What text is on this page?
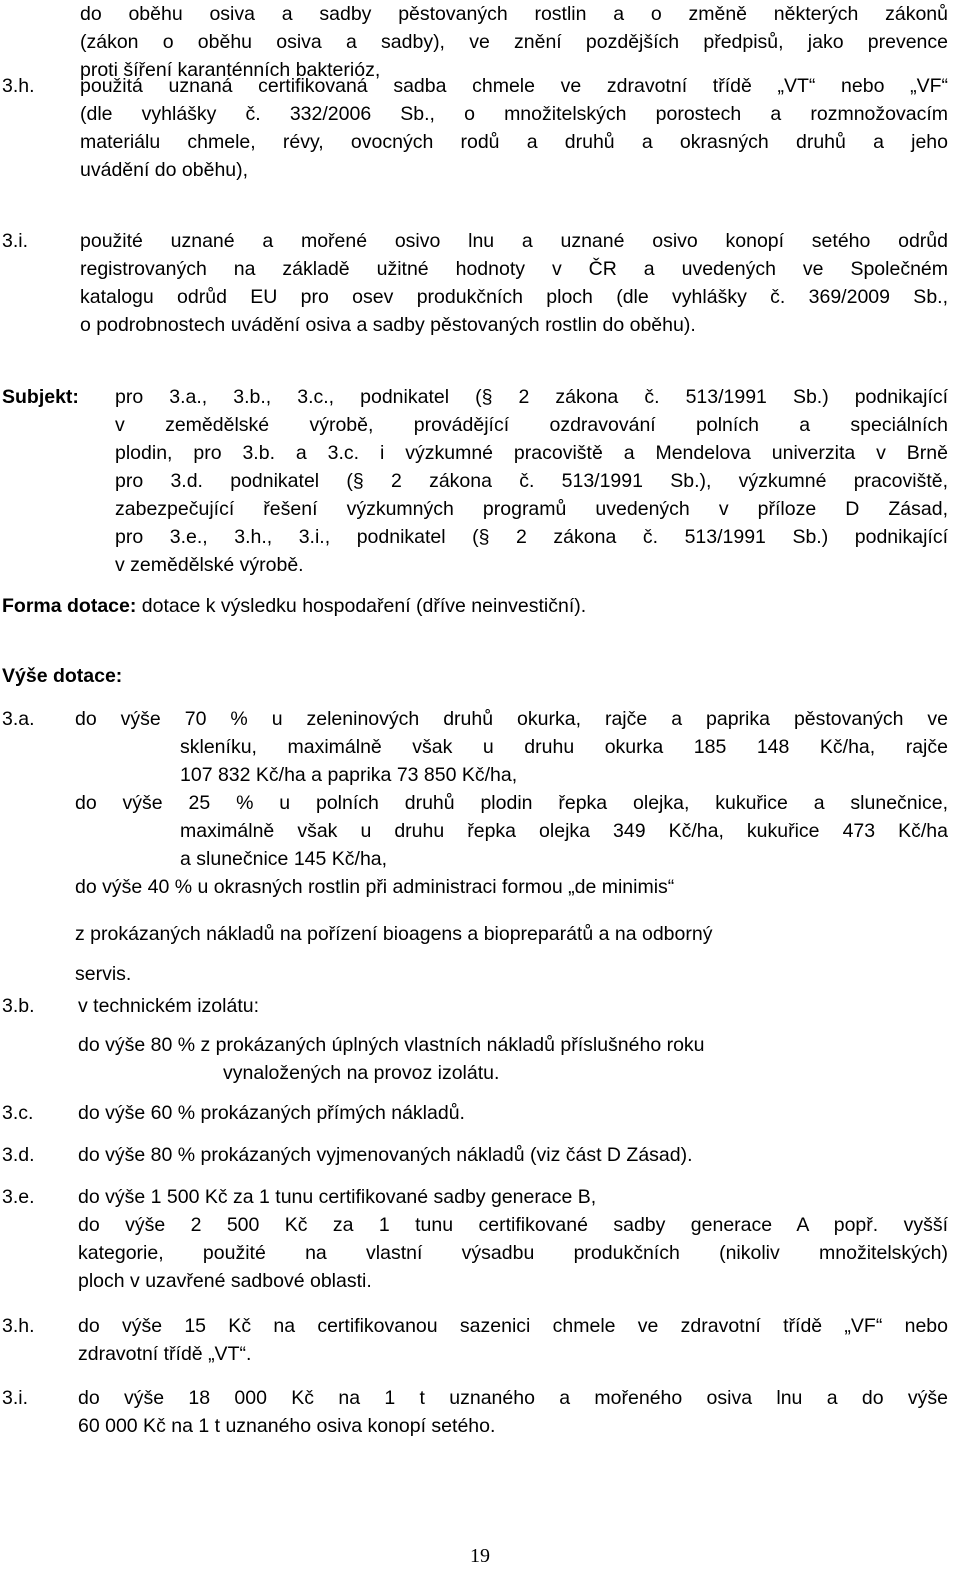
do oběhu osiva a sadby pěstovaných rostlin a o změně některých zákonů
(zákon o oběhu osiva a sadby), ve znění pozdějších předpisů, jako prevence
proti šíření karanténních bakterióz,
3.h. použitá uznaná certifikovaná sadba chmele ve zdravotní třídě „VT“ nebo „VF“
(dle vyhlášky č. 332/2006 Sb., o množitelských porostech a rozmnožovacím
materiálu chmele, révy, ovocných rodů a druhů a okrasných druhů a jeho
uvádění do oběhu),
3.i.	použité uznané a mořené osivo lnu a uznané osivo konopí setého odrůd
registrovaných na základě užitné hodnoty v ČR a uvedených ve Společném
katalogu odrůd EU pro osev produkčních ploch (dle vyhlášky č. 369/2009 Sb.,
o podrobnostech uvádění osiva a sadby pěstovaných rostlin do oběhu).
Subjekt: pro 3.a., 3.b., 3.c., podnikatel (§ 2 zákona č. 513/1991 Sb.) podnikající
v zemědělské výrobě, provádějící ozdravování polních a speciálních
plodin, pro 3.b. a 3.c. i výzkumné pracoviště a Mendelova univerzita v Brně
pro 3.d. podnikatel (§ 2 zákona č. 513/1991 Sb.), výzkumné pracoviště,
zabezpečující řešení výzkumných programů uvedených v příloze D Zásad,
pro 3.e., 3.h., 3.i., podnikatel (§ 2 zákona č. 513/1991 Sb.) podnikající
v zemědělské výrobě.
Forma dotace: dotace k výsledku hospodaření (dříve neinvestiční).
Výše dotace:
3.a. do výše 70 % u zeleninových druhů okurka, rajče a paprika pěstovaných ve
skleníku, maximálně však u druhu okurka 185 148 Kč/ha, rajče
107 832 Kč/ha a paprika 73 850 Kč/ha,
do výše 25 % u polních druhů plodin řepka olejka, kukuřice a slunečnice,
maximálně však u druhu řepka olejka 349 Kč/ha, kukuřice 473 Kč/ha
a slunečnice 145 Kč/ha,
do výše 40 % u okrasných rostlin při administraci formou „de minimis“
z prokázaných nákladů na pořízení bioagens a biopreparátů a na odborný
servis.
3.b. v technickém izolátu:
do výše 80 % z prokázaných úplných vlastních nákladů příslušného roku
vynaložených na provoz izolátu.
3.c. do výše 60 % prokázaných přímých nákladů.
3.d. do výše 80 % prokázaných vyjmenovaných nákladů (viz část D Zásad).
3.e. do výše 1 500 Kč za 1 tunu certifikované sadby generace B,
do výše 2 500 Kč za 1 tunu certifikované sadby generace A popř. vyšší
kategorie, použité na vlastní výsadbu produkčních (nikoliv množitelských)
ploch v uzavřené sadbové oblasti.
3.h. do výše 15 Kč na certifikovanou sazenici chmele ve zdravotní třídě „VF“ nebo
zdravotní třídě „VT“.
3.i.	do výše 18 000 Kč na 1 t uznaného a mořeného osiva lnu a do výše
60 000 Kč na 1 t uznaného osiva konopí setého.
19
